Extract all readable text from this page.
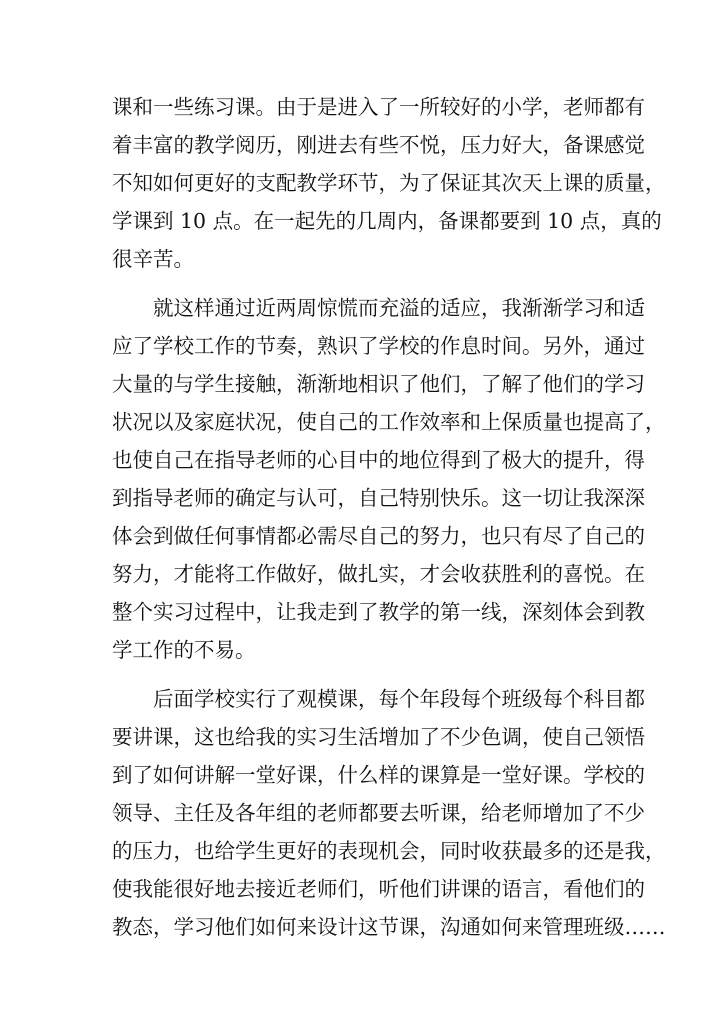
课和一些练习课。由于是进入了一所较好的小学，老师都有
着丰富的教学阅历，刚进去有些不悦，压力好大，备课感觉
不知如何更好的支配教学环节，为了保证其次天上课的质量，
学课到 10 点。在一起先的几周内，备课都要到 10 点，真的
很辛苦。
就这样通过近两周惊慌而充溢的适应，我渐渐学习和适
应了学校工作的节奏，熟识了学校的作息时间。另外，通过
大量的与学生接触，渐渐地相识了他们，了解了他们的学习
状况以及家庭状况，使自己的工作效率和上保质量也提高了，
也使自己在指导老师的心目中的地位得到了极大的提升，得
到指导老师的确定与认可，自己特别快乐。这一切让我深深
体会到做任何事情都必需尽自己的努力，也只有尽了自己的
努力，才能将工作做好，做扎实，才会收获胜利的喜悦。在
整个实习过程中，让我走到了教学的第一线，深刻体会到教
学工作的不易。
后面学校实行了观模课，每个年段每个班级每个科目都
要讲课，这也给我的实习生活增加了不少色调，使自己领悟
到了如何讲解一堂好课，什么样的课算是一堂好课。学校的
领导、主任及各年组的老师都要去听课，给老师增加了不少
的压力，也给学生更好的表现机会，同时收获最多的还是我，
使我能很好地去接近老师们，听他们讲课的语言，看他们的
教态，学习他们如何来设计这节课，沟通如何来管理班级……
